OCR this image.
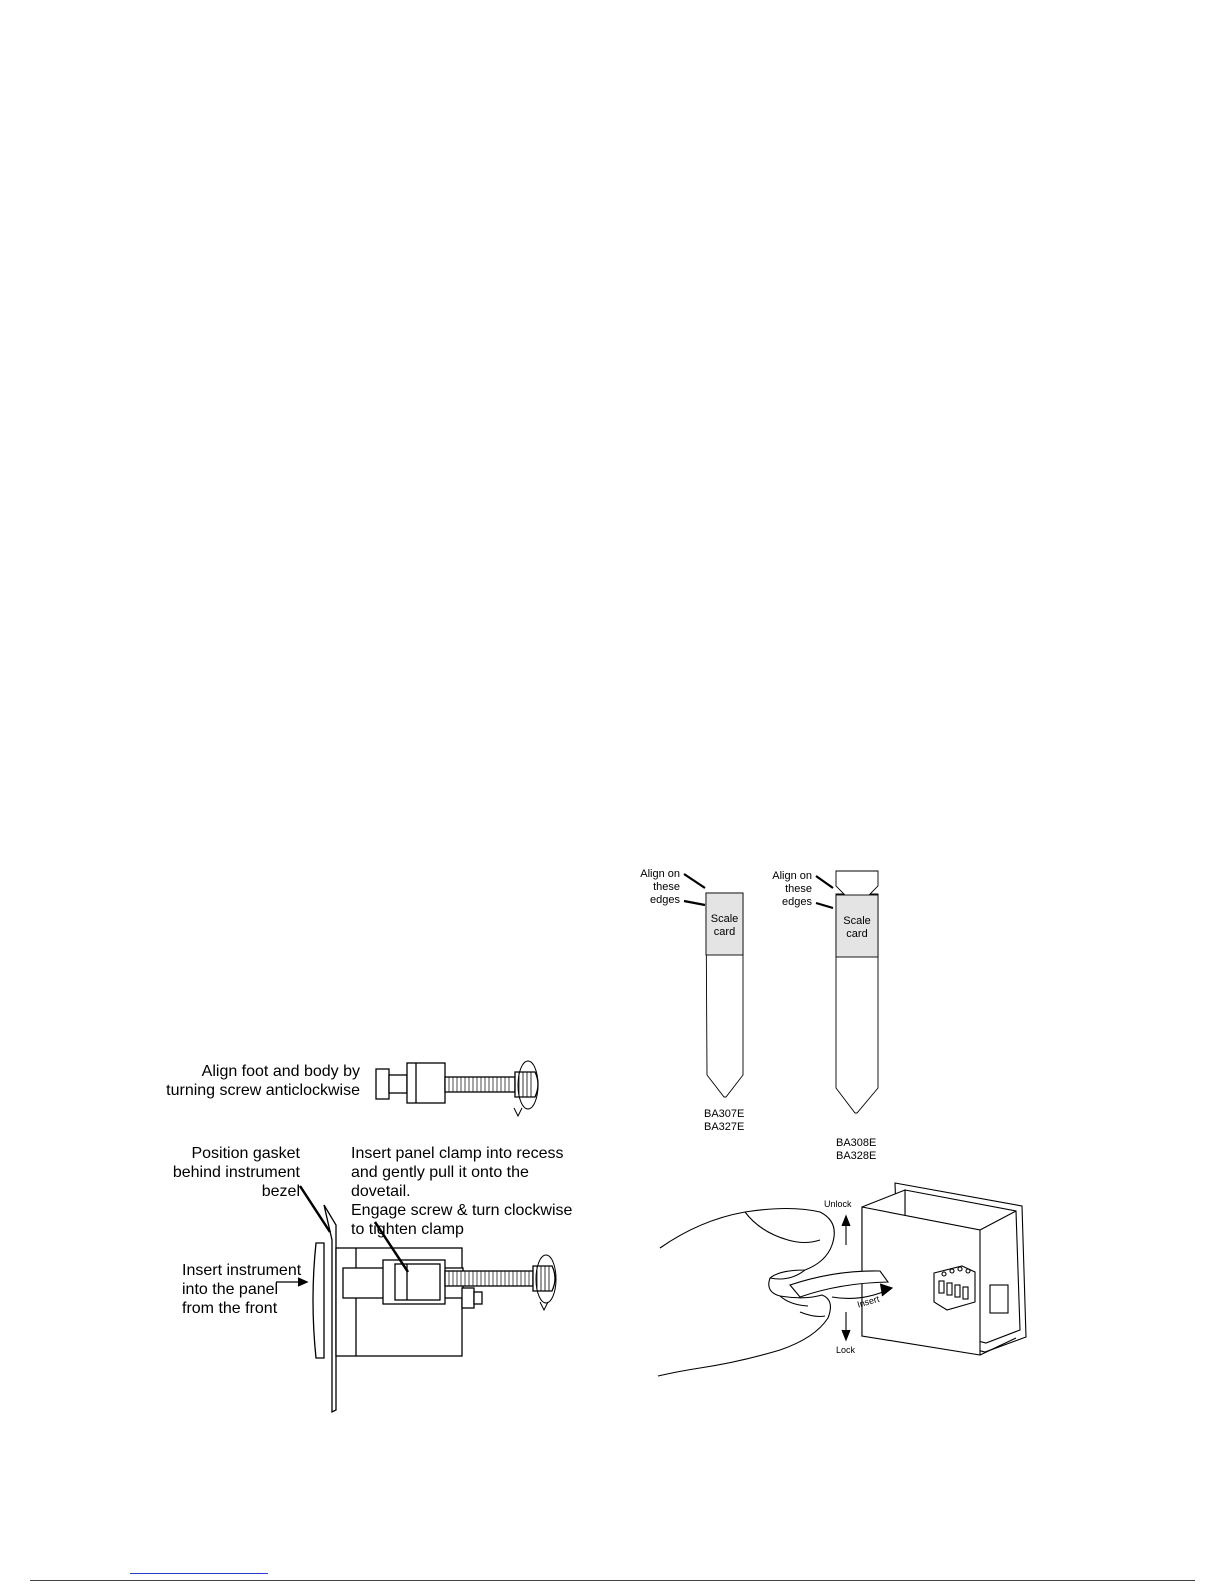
Align foot and body by
turning screw anticlockwise
Position gasket
behind instrument
bezel
Insert panel clamp into recess
and gently pull it onto the dovetail.
Engage screw & turn clockwise
to tighten clamp
Insert instrument
into the panel
from the front
Align on
these
edges
Scale
card
BA307E
BA327E
Align on
these
edges
Scale
card
BA308E
BA328E
Unlock
Insert
Lock
